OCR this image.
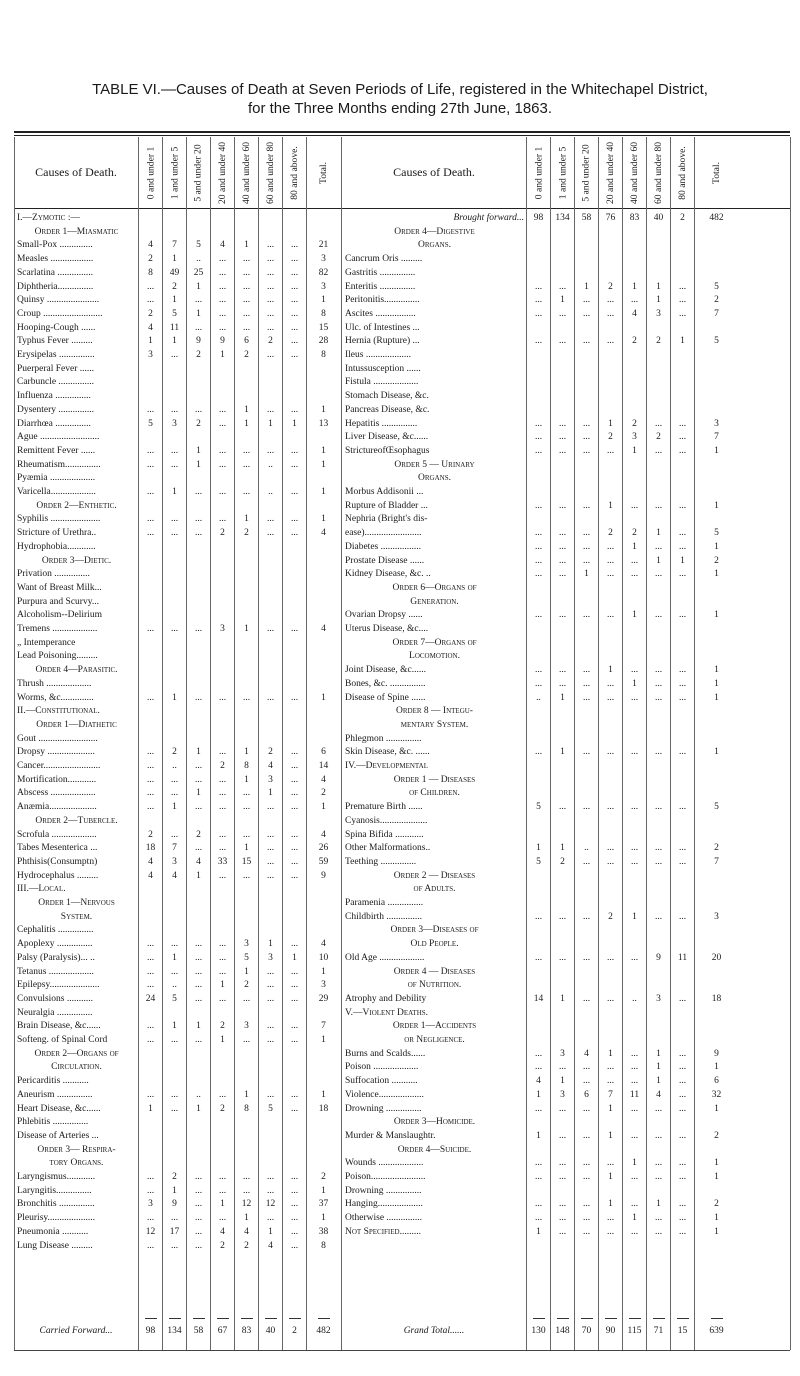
TABLE VI.—Causes of Death at Seven Periods of Life, registered in the Whitechapel District,
for the Three Months ending 27th June, 1863.
Causes of Death.	0 and under 1 1 and under 5 5 and under 20 20 and under 40 40 and under 60 60 and under 80 80 and above. Total.	Causes of Death.	0 and under 1 1 and under 5 5 and under 20 20 and under 40 40 and under 60 60 and under 80 80 and above. Total.
I.—Zymotic :—
Order 1—Miasmatic
Small-Pox ..............	4	7	5	4	1	...	...	21
Measles ..................	2	1	..	...	...	...	...	3
Scarlatina ...............	8	49	25	...	...	...	...	82
Diphtheria...............	...	2	1	...	...	...	...	3
Quinsy ......................	...	1	...	...	...	...	...	1
Croup .........................	2	5	1	...	...	...	...	8
Hooping-Cough ......	4	11	...	...	...	...	...	15
Typhus Fever .........	1	1	9	9	6	2	...	28
Erysipelas ...............	3	...	2	1	2	...	...	8
Puerperal Fever ......
Carbuncle ...............
Influenza ...............
Dysentery ...............	...	...	...	...	1	...	...	1
Diarrhœa ...............	5	3	2	...	1	1	1	13
Ague .........................
Remittent Fever ......	...	...	1	...	...	...	...	1
Rheumatism...............	...	...	1	...	...	..	...	1
Pyæmia ...................
Varicella...................	...	1	...	...	...	..	...	1
Order 2—Enthetic.
Syphilis .....................	...	...	...	...	1	...	...	1
Stricture of Urethra..	...	...	...	2	2	...	...	4
Hydrophobia............
Order 3—Dietic.
Privation ...............
Want of Breast Milk...
Purpura and Scurvy...
Alcoholism--Delirium
Tremens ...................	...	...	...	3	1	...	...	4
„ Intemperance
Lead Poisoning.........
Order 4—Parasitic.
Thrush ...................
Worms, &c..............	...	1	...	...	...	...	...	1
II.—Constitutional.
Order 1—Diathetic
Gout .........................
Dropsy ....................	...	2	1	...	1	2	...	6
Cancer........................	...	..	...	2	8	4	...	14
Mortification............	...	...	...	...	1	3	...	4
Abscess ...................	...	...	1	...	...	1	...	2
Anæmia....................	...	1	...	...	...	...	...	1
Order 2—Tubercle.
Scrofula ...................	2	...	2	...	...	...	...	4
Tabes Mesenterica ...	18	7	...	...	1	...	...	26
Phthisis(Consumptn)	4	3	4	33	15	...	...	59
Hydrocephalus .........	4	4	1	...	...	...	...	9
III.—Local.
Order 1—Nervous
System.
Cephalitis ...............
Apoplexy ...............	...	...	...	...	3	1	...	4
Palsy (Paralysis)... ..	...	1	...	...	5	3	1	10
Tetanus ...................	...	...	...	...	1	...	...	1
Epilepsy.....................	...	..	...	1	2	...	...	3
Convulsions ...........	24	5	...	...	...	...	...	29
Neuralgia ...............
Brain Disease, &c......	...	1	1	2	3	...	...	7
Softeng. of Spinal Cord	...	...	...	1	...	...	...	1
Order 2—Organs of
Circulation.
Pericarditis ...........
Aneurism ...............	...	...	..	...	1	...	...	1
Heart Disease, &c......	1	...	1	2	8	5	...	18
Phlebitis ...............
Disease of Arteries ...
Order 3— Respira-
tory Organs.
Laryngismus............	...	2	...	...	...	...	...	2
Laryngitis...............	...	1	...	...	...	...	...	1
Bronchitis ...............	3	9	...	1	12	12	...	37
Pleurisy....................	...	...	...	...	1	...	...	1
Pneumonia ...........	12	17	...	4	4	1	...	38
Lung Disease .........	...	...	...	2	2	4	...	8
Brought forward...	98	134	58	76	83	40	2	482
Order 4—Digestive
Organs.
Cancrum Oris .........
Gastritis ...............
Enteritis ...............	...	...	1	2	1	1	...	5
Peritonitis...............	...	1	...	...	...	1	...	2
Ascites .................	...	...	...	...	4	3	...	7
Ulc. of Intestines ...
Hernia (Rupture) ...	...	...	...	...	2	2	1	5
Ileus ...................
Intussusception ......
Fistula ...................
Stomach Disease, &c.
Pancreas Disease, &c.
Hepatitis ...............	...	...	...	1	2	...	...	3
Liver Disease, &c......	...	...	...	2	3	2	...	7
StrictureofŒsophagus	...	...	...	...	1	...	...	1
Order 5 — Urinary
Organs.
Morbus Addisonii ...
Rupture of Bladder ...	...	...	...	1	...	...	...	1
Nephria (Bright's dis-
ease)........................	...	...	...	2	2	1	...	5
Diabetes .................	...	...	...	...	1	...	...	1
Prostate Disease ......	...	...	...	...	...	1	1	2
Kidney Disease, &c. ..	...	...	1	...	...	...	...	1
Order 6—Organs of
Generation.
Ovarian Dropsy ......	...	...	...	...	1	...	...	1
Uterus Disease, &c....
Order 7—Organs of
Locomotion.
Joint Disease, &c......	...	...	...	1	...	...	...	1
Bones, &c. ...............	...	...	...	...	1	...	...	1
Disease of Spine ......	..	1	...	...	...	...	...	1
Order 8 — Integu-
mentary System.
Phlegmon ...............
Skin Disease, &c. ......	...	1	...	...	...	...	...	1
IV.—Developmental
Order 1 — Diseases
of Children.
Premature Birth ......	5	...	...	...	...	...	...	5
Cyanosis....................
Spina Bifida ............
Other Malformations..	1	1	..	...	...	...	...	2
Teething ...............	5	2	...	...	...	...	...	7
Order 2 — Diseases
of Adults.
Paramenia ...............
Childbirth ...............	...	...	...	2	1	...	...	3
Order 3—Diseases of
Old People.
Old Age ...................	...	...	...	...	...	9	11	20
Order 4 — Diseases
of Nutrition.
Atrophy and Debility	14	1	...	...	..	3	...	18
V.—Violent Deaths.
Order 1—Accidents
or Negligence.
Burns and Scalds......	...	3	4	1	...	1	...	9
Poison ...................	...	...	...	...	...	1	...	1
Suffocation ...........	4	1	...	...	...	1	...	6
Violence...................	1	3	6	7	11	4	...	32
Drowning ...............	...	...	...	1	...	...	...	1
Order 3—Homicide.
Murder & Manslaughtr.	1	...	...	1	...	...	...	2
Order 4—Suicide.
Wounds ...................	...	...	...	...	1	...	...	1
Poison.......................	...	...	...	1	...	...	...	1
Drowning ...............
Hanging...................	...	...	...	1	...	1	...	2
Otherwise ...............	...	...	...	...	1	...	...	1
Not Specified.........	1	...	...	...	...	...	...	1
Carried Forward...	98	134	58	67	83	40	2	482	Grand Total......	130	148	70	90	115	71	15	639
